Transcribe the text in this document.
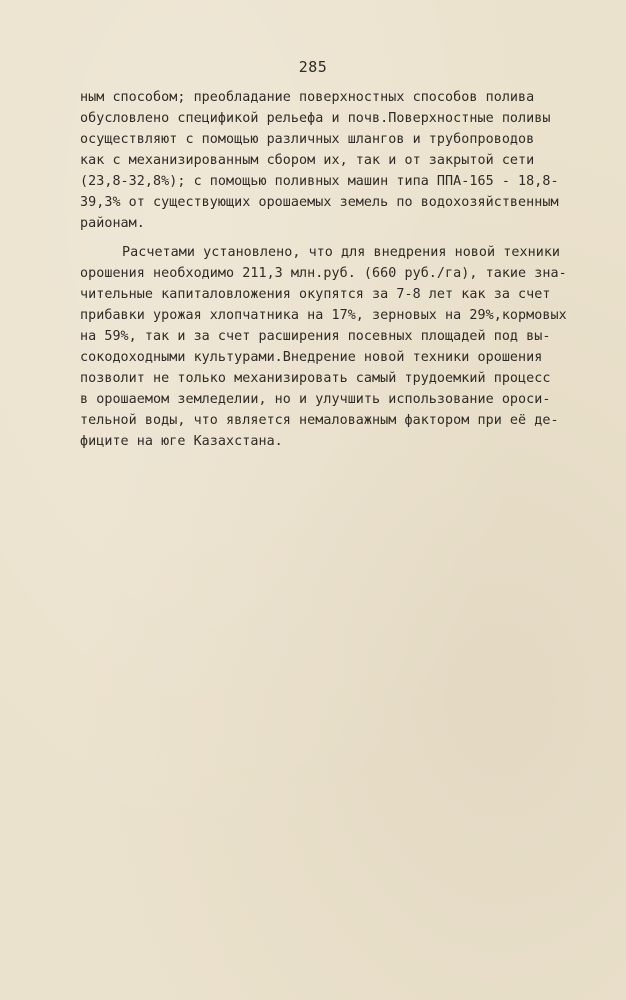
285
ным способом; преобладание поверхностных способов полива
обусловлено спецификой рельефа и почв.Поверхностные поливы
осуществляют с помощью различных шлангов и трубопроводов
как с механизированным сбором их, так и от закрытой сети
(23,8-32,8%); с помощью поливных машин типа ППА-165 - 18,8-
39,3% от существующих орошаемых земель по водохозяйственным
районам.
Расчетами установлено, что для внедрения новой техники
орошения необходимо 211,3 млн.руб. (660 руб./га), такие зна-
чительные капиталовложения окупятся за 7-8 лет как за счет
прибавки урожая хлопчатника на 17%, зерновых на 29%,кормовых
на 59%, так и за счет расширения посевных площадей под вы-
сокодоходными культурами.Внедрение новой техники орошения
позволит не только механизировать самый трудоемкий процесс
в орошаемом земледелии, но и улучшить использование ороси-
тельной воды, что является немаловажным фактором при её де-
фиците на юге Казахстана.
